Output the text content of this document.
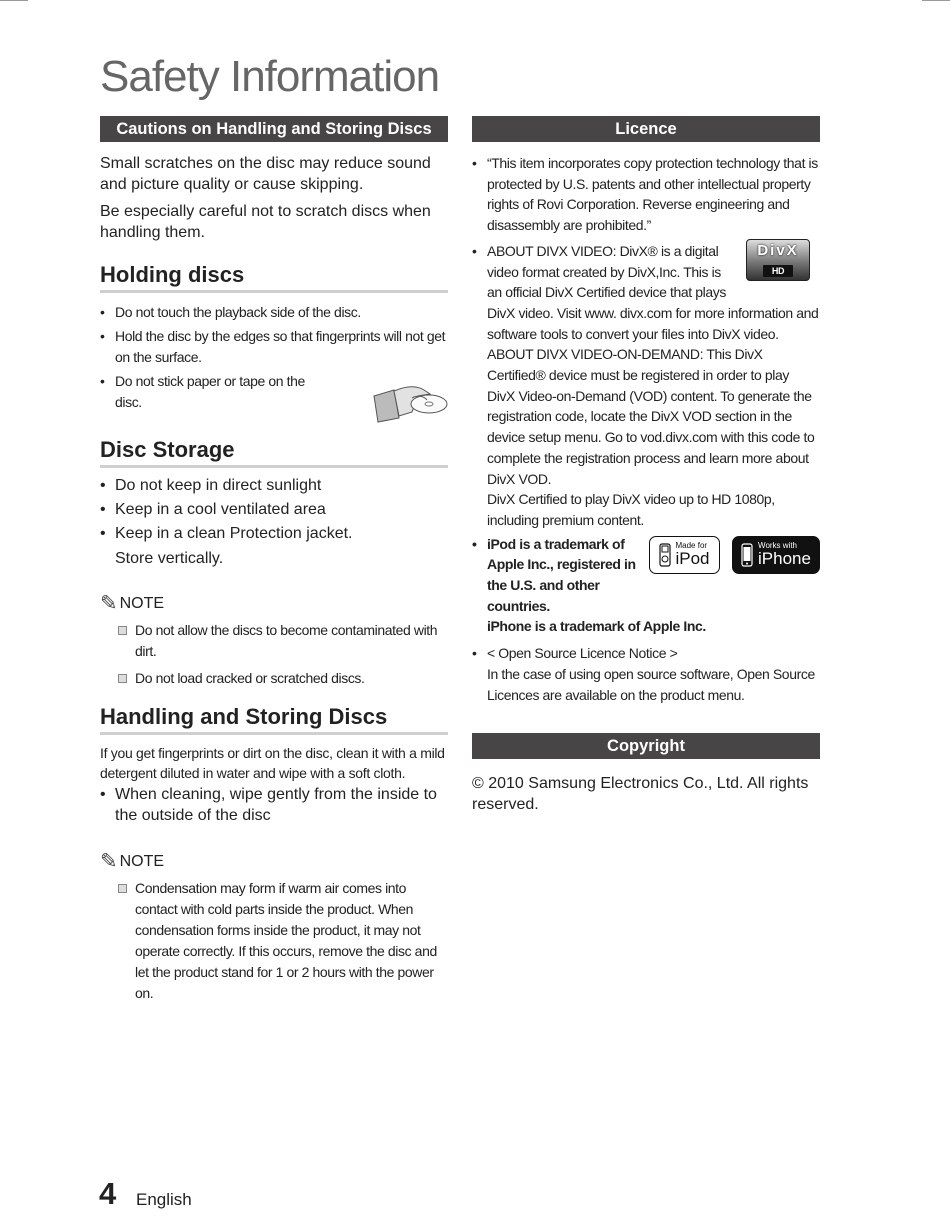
Safety Information
Cautions on Handling and Storing Discs

Small scratches on the disc may reduce sound and picture quality or cause skipping.

Be especially careful not to scratch discs when handling them.

Holding discs
• Do not touch the playback side of the disc.
• Hold the disc by the edges so that fingerprints will not get on the surface.
• Do not stick paper or tape on the disc.
Disc Storage
• Do not keep in direct sunlight
• Keep in a cool ventilated area
• Keep in a clean Protection jacket.

Store vertically.

✎ NOTE
Do not allow the discs to become contaminated with dirt.
Do not load cracked or scratched discs.
Handling and Storing Discs

If you get fingerprints or dirt on the disc, clean it with a mild detergent diluted in water and wipe with a soft cloth.

• When cleaning, wipe gently from the inside to the outside of the disc
✎ NOTE
Condensation may form if warm air comes into contact with cold parts inside the product. When condensation forms inside the product, it may not operate correctly. If this occurs, remove the disc and let the product stand for 1 or 2 hours with the power on.
Licence
• “This item incorporates copy protection technology that is protected by U.S. patents and other intellectual property rights of Rovi Corporation. Reverse engineering and disassembly are prohibited.”
• DivX
HD
ABOUT DIVX VIDEO: DivX® is a digital video format created by DivX,Inc. This is an official DivX Certified device that plays DivX video. Visit www. divx.com for more information and software tools to convert your files into DivX video. ABOUT DIVX VIDEO-ON-DEMAND: This DivX Certified® device must be registered in order to play DivX Video-on-Demand (VOD) content. To generate the registration code, locate the DivX VOD section in the device setup menu. Go to vod.divx.com with this code to complete the registration process and learn more about DivX VOD.
DivX Certified to play DivX video up to HD 1080p, including premium content.
• Made for
iPod
Works with
iPhone
iPod is a trademark of Apple Inc., registered in the U.S. and other countries.
iPhone is a trademark of Apple Inc.
• < Open Source Licence Notice >
In the case of using open source software, Open Source Licences are available on the product menu.
Copyright

© 2010 Samsung Electronics Co., Ltd. All rights reserved.

4 English
